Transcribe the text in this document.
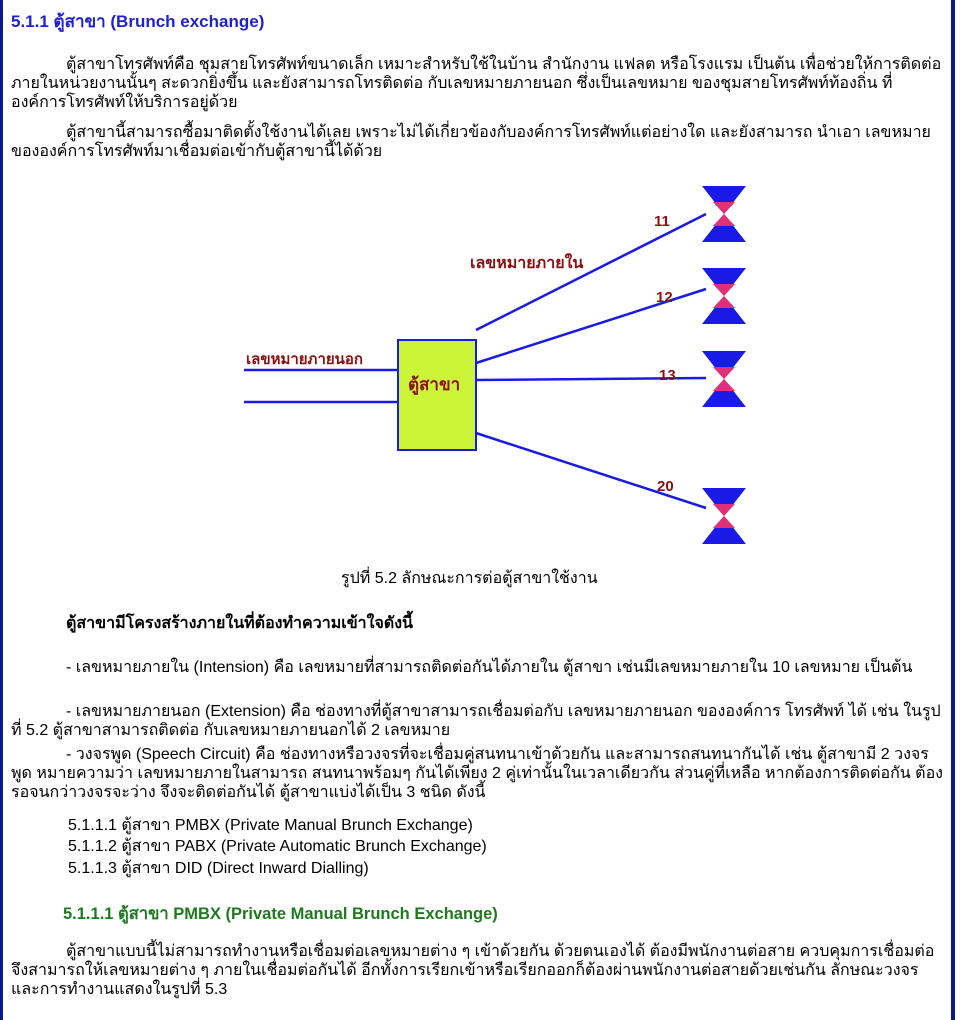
5.1.1 ตู้สาขา (Brunch exchange)

ตู้สาขาโทรศัพท์คือ ชุมสายโทรศัพท์ขนาดเล็ก เหมาะสำหรับใช้ในบ้าน สำนักงาน แฟลต หรือโรงแรม เป็นต้น เพื่อช่วยให้การติดต่อภายในหน่วยงานนั้นๆ สะดวกยิ่งขึ้น และยังสามารถโทรติดต่อ กับเลขหมายภายนอก ซึ่งเป็นเลขหมาย ของชุมสายโทรศัพท์ท้องถิ่น ที่องค์การโทรศัพท์ให้บริการอยู่ด้วย

ตู้สาขานี้สามารถซื้อมาติดตั้งใช้งานได้เลย เพราะไม่ได้เกี่ยวข้องกับองค์การโทรศัพท์แต่อย่างใด และยังสามารถ นำเอา เลขหมายขององค์การโทรศัพท์มาเชื่อมต่อเข้ากับตู้สาขานี้ได้ด้วย

เลขหมายภายนอก
ตู้สาขา
เลขหมายภายใน
11
12
13
20

รูปที่ 5.2 ลักษณะการต่อตู้สาขาใช้งาน

ตู้สาขามีโครงสร้างภายในที่ต้องทำความเข้าใจดังนี้

- เลขหมายภายใน (Intension) คือ เลขหมายที่สามารถติดต่อกันได้ภายใน ตู้สาขา เช่นมีเลขหมายภายใน 10 เลขหมาย เป็นต้น

- เลขหมายภายนอก (Extension) คือ ช่องทางที่ตู้สาขาสามารถเชื่อมต่อกับ เลขหมายภายนอก ขององค์การ โทรศัพท์ ได้ เช่น ในรูปที่ 5.2 ตู้สาขาสามารถติดต่อ กับเลขหมายภายนอกได้ 2 เลขหมาย

- วงจรพูด (Speech Circuit) คือ ช่องทางหรือวงจรที่จะเชื่อมคู่สนทนาเข้าด้วยกัน และสามารถสนทนากันได้ เช่น ตู้สาขามี 2 วงจรพูด หมายความว่า เลขหมายภายในสามารถ สนทนาพร้อมๆ กันได้เพียง 2 คู่เท่านั้นในเวลาเดียวกัน ส่วนคู่ที่เหลือ หากต้องการติดต่อกัน ต้องรอจนกว่าวงจรจะว่าง จึงจะติดต่อกันได้ ตู้สาขาแบ่งได้เป็น 3 ชนิด ดังนี้

5.1.1.1 ตู้สาขา PMBX (Private Manual Brunch Exchange)

5.1.1.2 ตู้สาขา PABX (Private Automatic Brunch Exchange)

5.1.1.3 ตู้สาขา DID (Direct Inward Dialling)

5.1.1.1 ตู้สาขา PMBX (Private Manual Brunch Exchange)

ตู้สาขาแบบนี้ไม่สามารถทำงานหรือเชื่อมต่อเลขหมายต่าง ๆ เข้าด้วยกัน ด้วยตนเองได้ ต้องมีพนักงานต่อสาย ควบคุมการเชื่อมต่อจึงสามารถให้เลขหมายต่าง ๆ ภายในเชื่อมต่อกันได้ อีกทั้งการเรียกเข้าหรือเรียกออกก็ต้องผ่านพนักงานต่อสายด้วยเช่นกัน ลักษณะวงจรและการทำงานแสดงในรูปที่ 5.3
